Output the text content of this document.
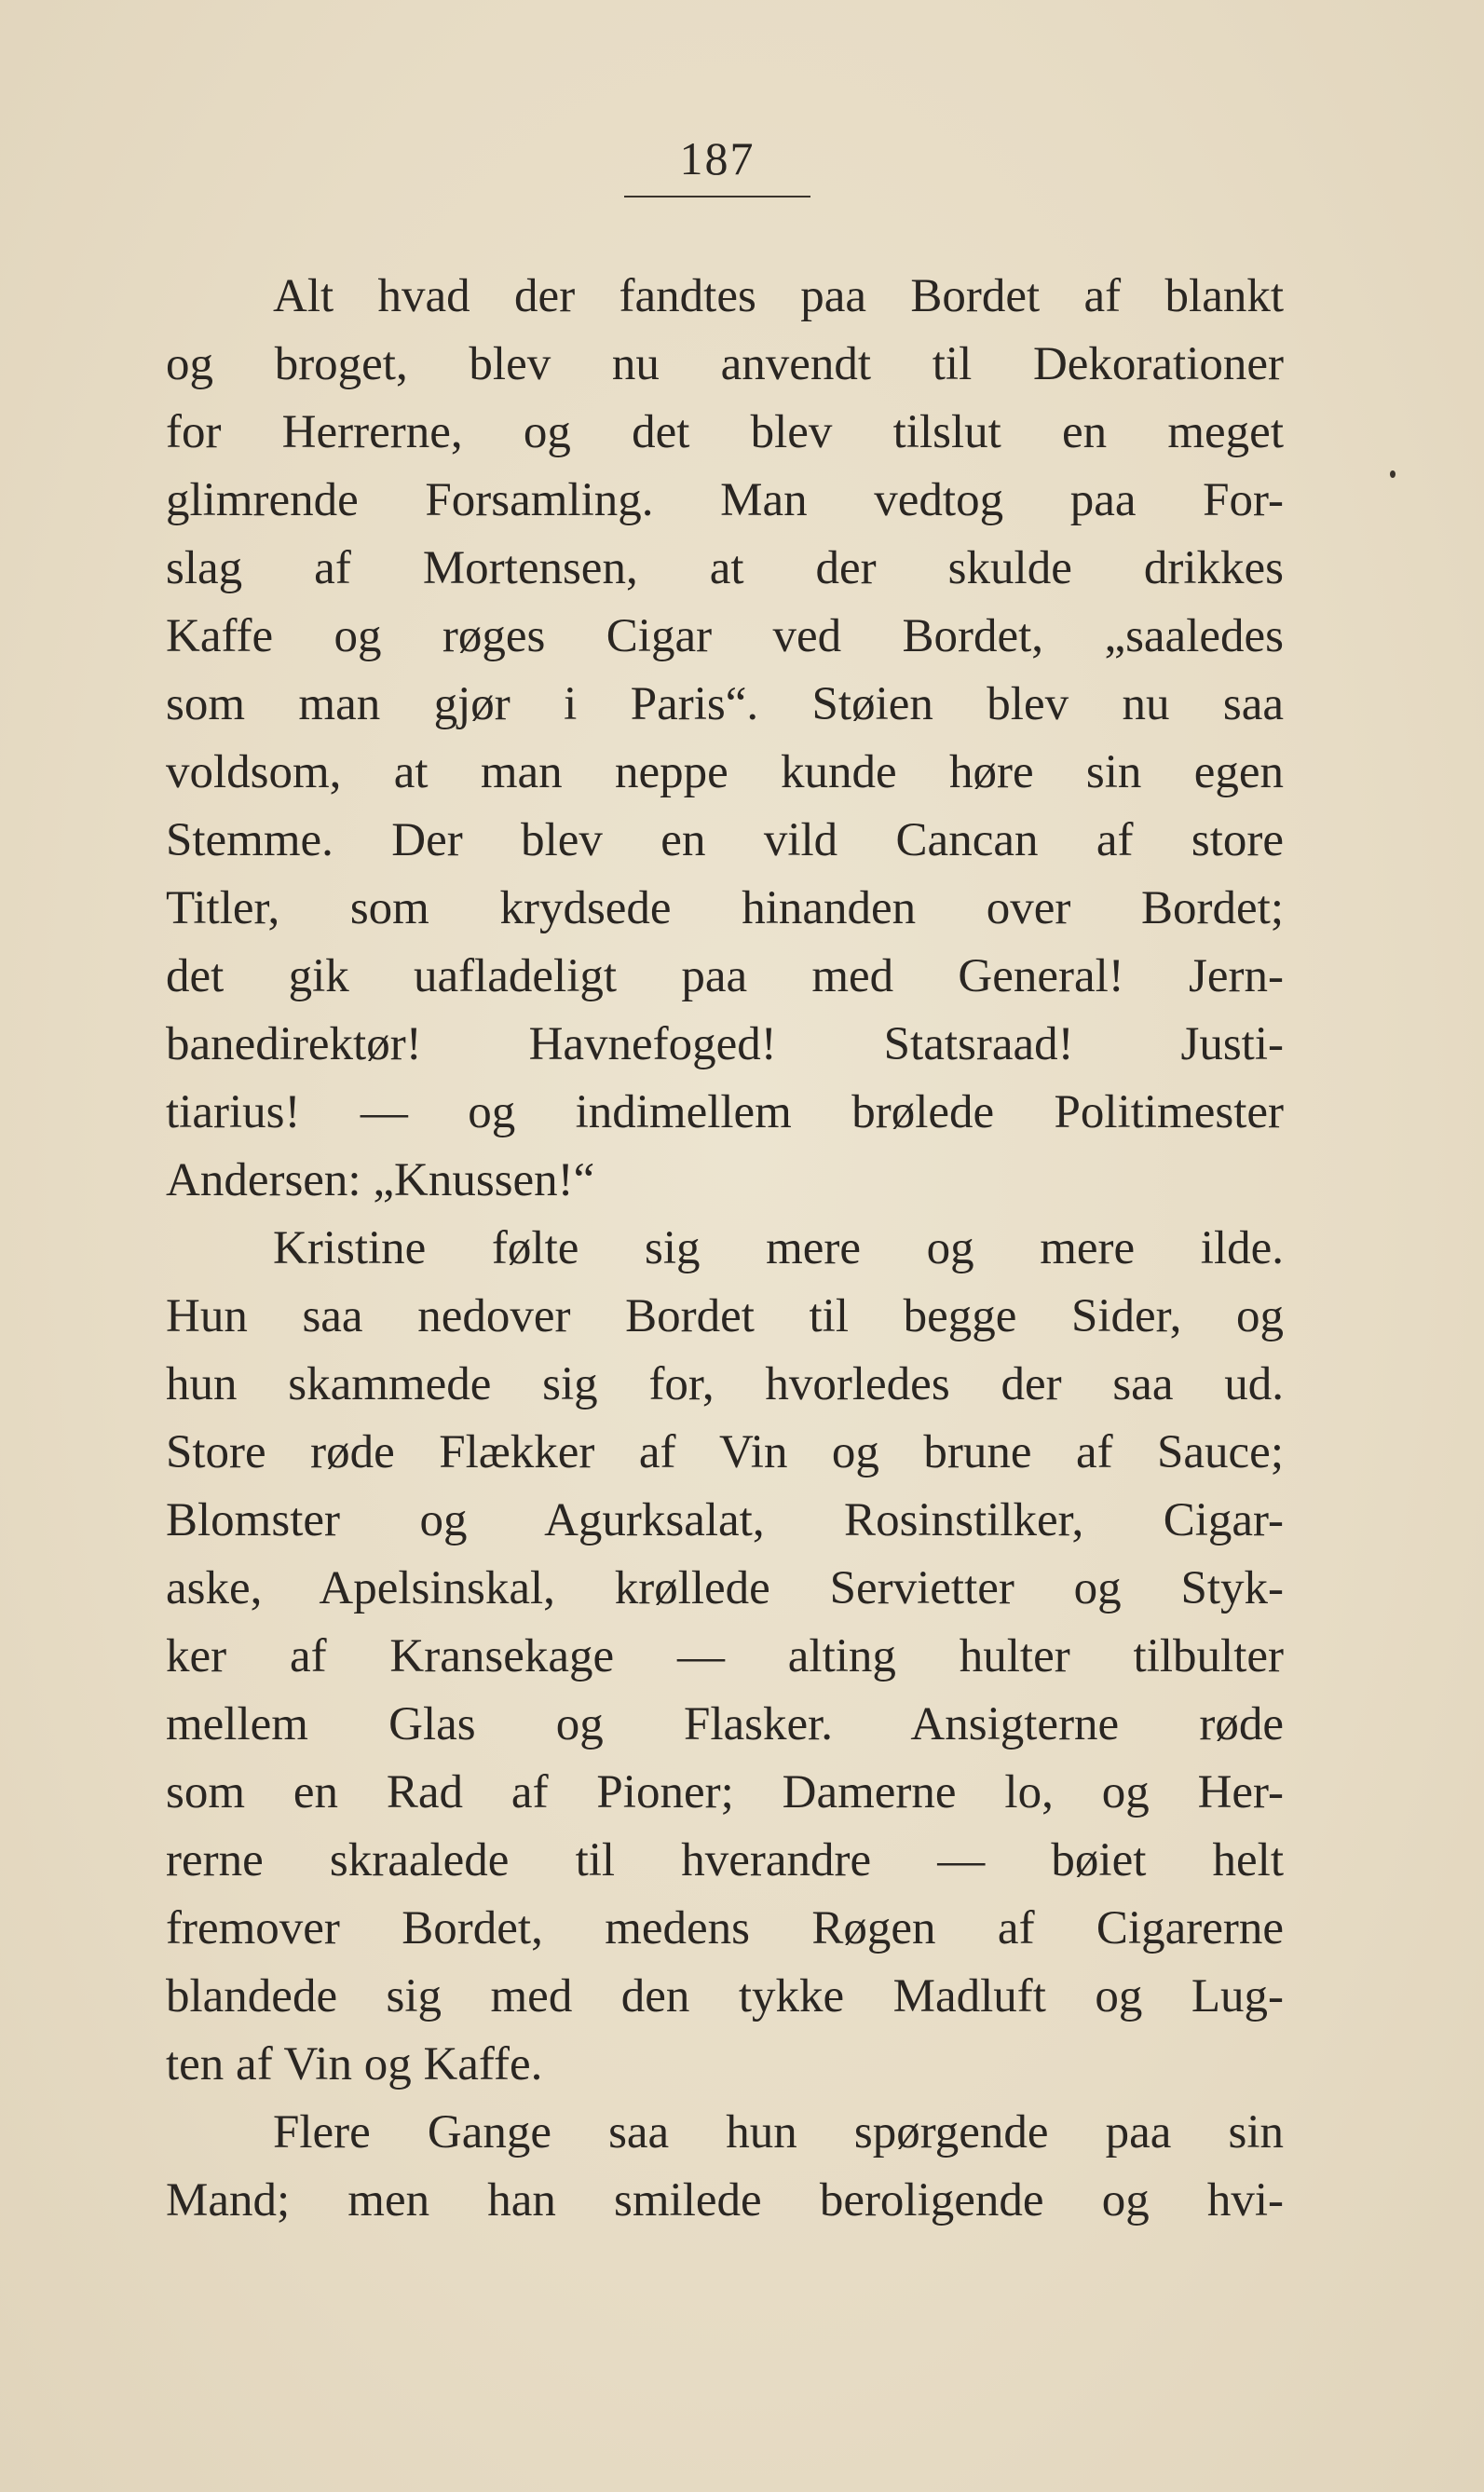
187
Alt hvad der fandtes paa Bordet af blankt
og broget, blev nu anvendt til Dekorationer
for Herrerne, og det blev tilslut en meget
glimrende Forsamling. Man vedtog paa For-
slag af Mortensen, at der skulde drikkes
Kaffe og røges Cigar ved Bordet, „saaledes
som man gjør i Paris“. Støien blev nu saa
voldsom, at man neppe kunde høre sin egen
Stemme. Der blev en vild Cancan af store
Titler, som krydsede hinanden over Bordet;
det gik uafladeligt paa med General! Jern-
banedirektør! Havnefoged! Statsraad! Justi-
tiarius! — og indimellem brølede Politimester
Andersen: „Knussen!“
Kristine følte sig mere og mere ilde.
Hun saa nedover Bordet til begge Sider, og
hun skammede sig for, hvorledes der saa ud.
Store røde Flækker af Vin og brune af Sauce;
Blomster og Agurksalat, Rosinstilker, Cigar-
aske, Apelsinskal, krøllede Servietter og Styk-
ker af Kransekage — alting hulter tilbulter
mellem Glas og Flasker. Ansigterne røde
som en Rad af Pioner; Damerne lo, og Her-
rerne skraalede til hverandre — bøiet helt
fremover Bordet, medens Røgen af Cigarerne
blandede sig med den tykke Madluft og Lug-
ten af Vin og Kaffe.
Flere Gange saa hun spørgende paa sin
Mand; men han smilede beroligende og hvi-
